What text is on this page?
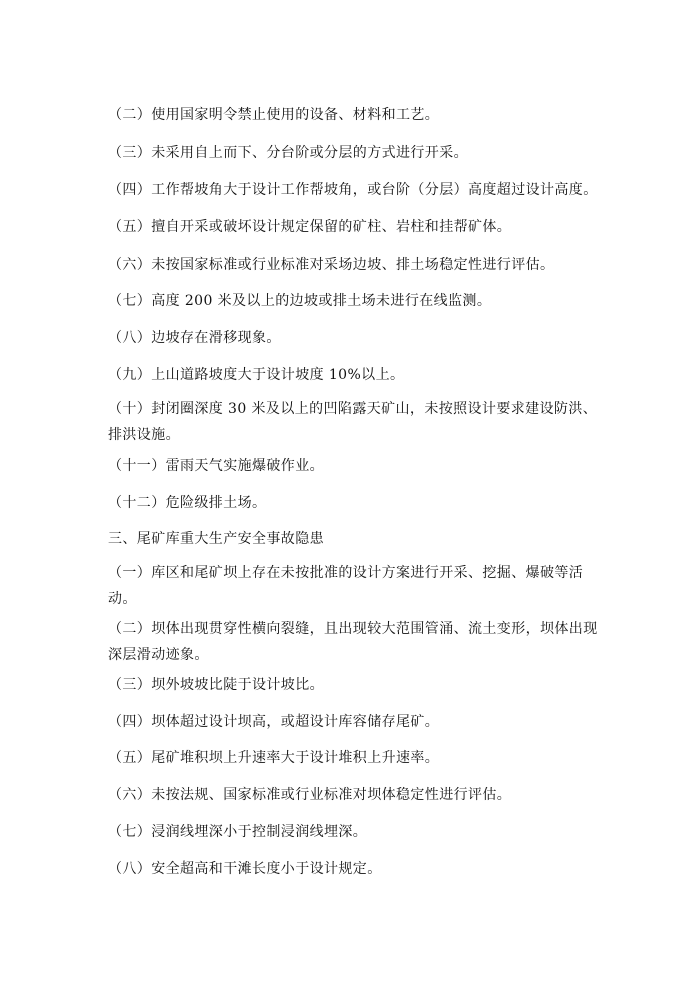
（二）使用国家明令禁止使用的设备、材料和工艺。
（三）未采用自上而下、分台阶或分层的方式进行开采。
（四）工作帮坡角大于设计工作帮坡角，或台阶（分层）高度超过设计高度。
（五）擅自开采或破坏设计规定保留的矿柱、岩柱和挂帮矿体。
（六）未按国家标准或行业标准对采场边坡、排土场稳定性进行评估。
（七）高度 200 米及以上的边坡或排土场未进行在线监测。
（八）边坡存在滑移现象。
（九）上山道路坡度大于设计坡度 10%以上。
（十）封闭圈深度 30 米及以上的凹陷露天矿山，未按照设计要求建设防洪、排洪设施。
（十一）雷雨天气实施爆破作业。
（十二）危险级排土场。
三、尾矿库重大生产安全事故隐患
（一）库区和尾矿坝上存在未按批准的设计方案进行开采、挖掘、爆破等活动。
（二）坝体出现贯穿性横向裂缝，且出现较大范围管涌、流土变形，坝体出现深层滑动迹象。
（三）坝外坡坡比陡于设计坡比。
（四）坝体超过设计坝高，或超设计库容储存尾矿。
（五）尾矿堆积坝上升速率大于设计堆积上升速率。
（六）未按法规、国家标准或行业标准对坝体稳定性进行评估。
（七）浸润线埋深小于控制浸润线埋深。
（八）安全超高和干滩长度小于设计规定。
